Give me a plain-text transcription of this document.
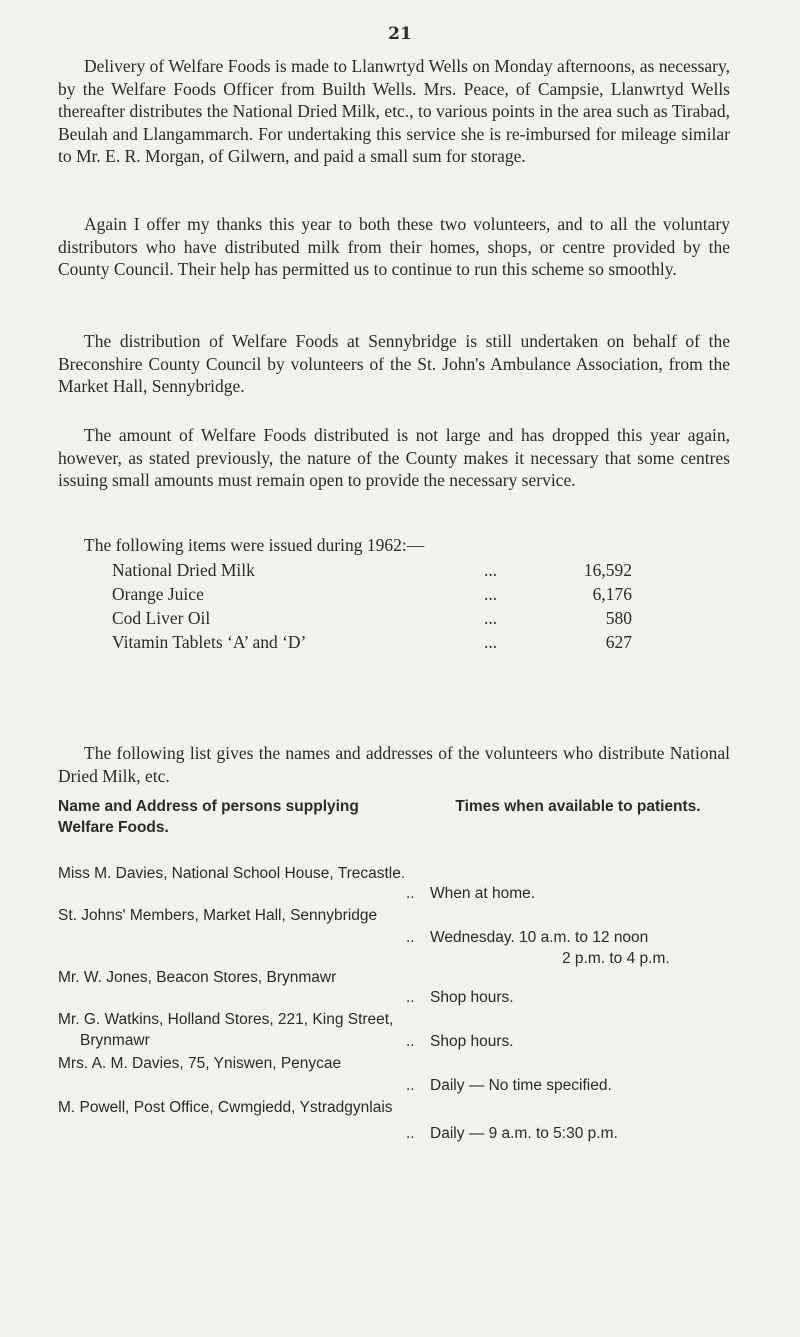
21

Delivery of Welfare Foods is made to Llanwrtyd Wells on Monday afternoons, as necessary, by the Welfare Foods Officer from Builth Wells. Mrs. Peace, of Campsie, Llanwrtyd Wells thereafter distributes the National Dried Milk, etc., to various points in the area such as Tirabad, Beulah and Llangammarch. For undertaking this service she is re-imbursed for mileage similar to Mr. E. R. Morgan, of Gilwern, and paid a small sum for storage.

Again I offer my thanks this year to both these two volunteers, and to all the voluntary distributors who have distributed milk from their homes, shops, or centre provided by the County Council. Their help has permitted us to continue to run this scheme so smoothly.

The distribution of Welfare Foods at Sennybridge is still undertaken on behalf of the Breconshire County Council by volunteers of the St. John's Ambulance Association, from the Market Hall, Sennybridge.

The amount of Welfare Foods distributed is not large and has dropped this year again, however, as stated previously, the nature of the County makes it necessary that some centres issuing small amounts must remain open to provide the necessary service.

The following items were issued during 1962:—

National Dried Milk	...	16,592
Orange Juice	...	6,176
Cod Liver Oil	...	580
Vitamin Tablets ‘A’ and ‘D’	...	627

The following list gives the names and addresses of the volunteers who distribute National Dried Milk, etc.

Name and Address of persons supplying Welfare Foods.

Times when available to patients.

Miss M. Davies, National School House, Trecastle.
.. When at home.
St. Johns' Members, Market Hall, Sennybridge
.. Wednesday. 10 a.m. to 12 noon
2 p.m. to 4 p.m.
Mr. W. Jones, Beacon Stores, Brynmawr
.. Shop hours.
Mr. G. Watkins, Holland Stores, 221, King Street, Brynmawr	.. Shop hours.
Mrs. A. M. Davies, 75, Yniswen, Penycae
.. Daily — No time specified.
M. Powell, Post Office, Cwmgiedd, Ystradgynlais
.. Daily — 9 a.m. to 5:30 p.m.
